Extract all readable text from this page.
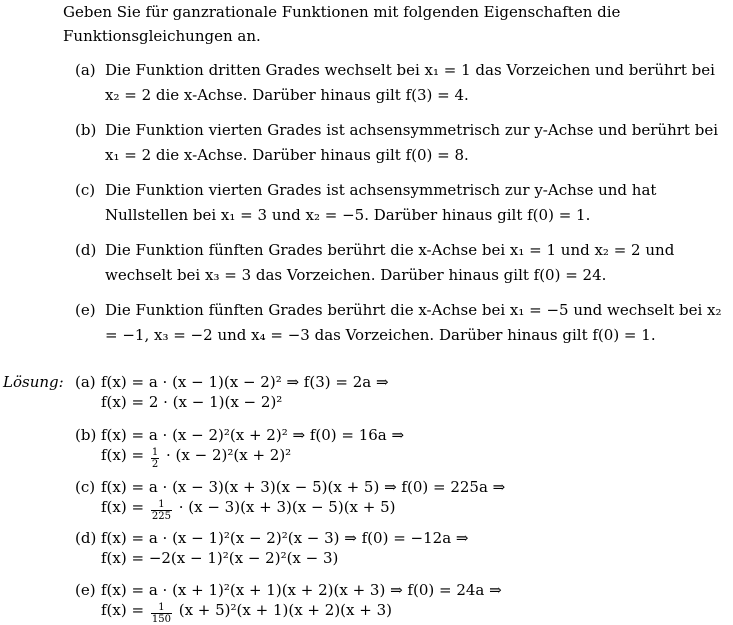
Geben Sie für ganzrationale Funktionen mit folgenden Eigenschaften die Funktionsgleichungen an.
(a) Die Funktion dritten Grades wechselt bei x₁ = 1 das Vorzeichen und berührt bei x₂ = 2 die x-Achse. Darüber hinaus gilt f(3) = 4.
(b) Die Funktion vierten Grades ist achsensymmetrisch zur y-Achse und berührt bei x₁ = 2 die x-Achse. Darüber hinaus gilt f(0) = 8.
(c) Die Funktion vierten Grades ist achsensymmetrisch zur y-Achse und hat Nullstellen bei x₁ = 3 und x₂ = −5. Darüber hinaus gilt f(0) = 1.
(d) Die Funktion fünften Grades berührt die x-Achse bei x₁ = 1 und x₂ = 2 und wechselt bei x₃ = 3 das Vorzeichen. Darüber hinaus gilt f(0) = 24.
(e) Die Funktion fünften Grades berührt die x-Achse bei x₁ = −5 und wechselt bei x₂ = −1, x₃ = −2 und x₄ = −3 das Vorzeichen. Darüber hinaus gilt f(0) = 1.
Lösung: (a) f(x) = a · (x − 1)(x − 2)² ⇒ f(3) = 2a ⇒
f(x) = 2 · (x − 1)(x − 2)²
(b) f(x) = a · (x − 2)²(x + 2)² ⇒ f(0) = 16a ⇒
$f(x) = \frac{1}{2} \cdot (x - 2)^2(x + 2)^2$
(c) f(x) = a · (x − 3)(x + 3)(x − 5)(x + 5) ⇒ f(0) = 225a ⇒
$f(x) = \frac{1}{225} \cdot (x - 3)(x + 3)(x - 5)(x + 5)$
(d) f(x) = a · (x − 1)²(x − 2)²(x − 3) ⇒ f(0) = −12a ⇒
f(x) = −2(x − 1)²(x − 2)²(x − 3)
(e) f(x) = a · (x + 1)²(x + 1)(x + 2)(x + 3) ⇒ f(0) = 24a ⇒
$f(x) = \frac{1}{150} (x + 5)^2(x + 1)(x + 2)(x + 3)$
